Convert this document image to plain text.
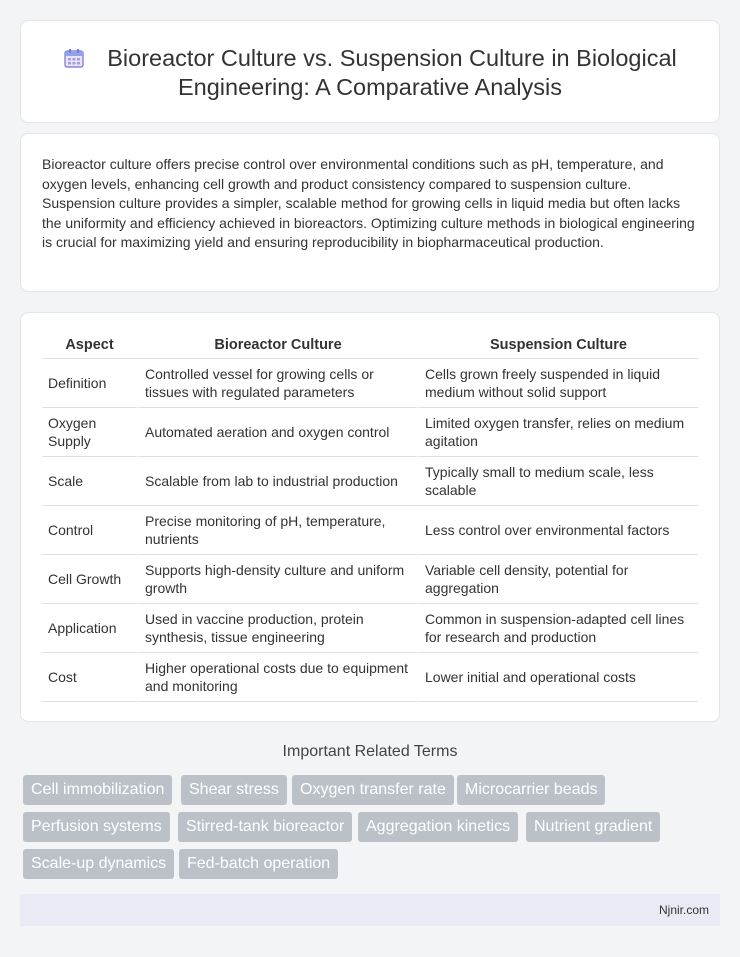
Bioreactor Culture vs. Suspension Culture in Biological Engineering: A Comparative Analysis

Bioreactor culture offers precise control over environmental conditions such as pH, temperature, and oxygen levels, enhancing cell growth and product consistency compared to suspension culture. Suspension culture provides a simpler, scalable method for growing cells in liquid media but often lacks the uniformity and efficiency achieved in bioreactors. Optimizing culture methods in biological engineering is crucial for maximizing yield and ensuring reproducibility in biopharmaceutical production.

Aspect	Bioreactor Culture	Suspension Culture
Definition	Controlled vessel for growing cells or tissues with regulated parameters	Cells grown freely suspended in liquid medium without solid support
Oxygen Supply	Automated aeration and oxygen control	Limited oxygen transfer, relies on medium agitation
Scale	Scalable from lab to industrial production	Typically small to medium scale, less scalable
Control	Precise monitoring of pH, temperature, nutrients	Less control over environmental factors
Cell Growth	Supports high-density culture and uniform growth	Variable cell density, potential for aggregation
Application	Used in vaccine production, protein synthesis, tissue engineering	Common in suspension-adapted cell lines for research and production
Cost	Higher operational costs due to equipment and monitoring	Lower initial and operational costs
Important Related Terms
Cell immobilization	Shear stress	Oxygen transfer rate	Microcarrier beads
Perfusion systems	Stirred-tank bioreactor	Aggregation kinetics	Nutrient gradient
Scale-up dynamics	Fed-batch operation
Njnir.com
